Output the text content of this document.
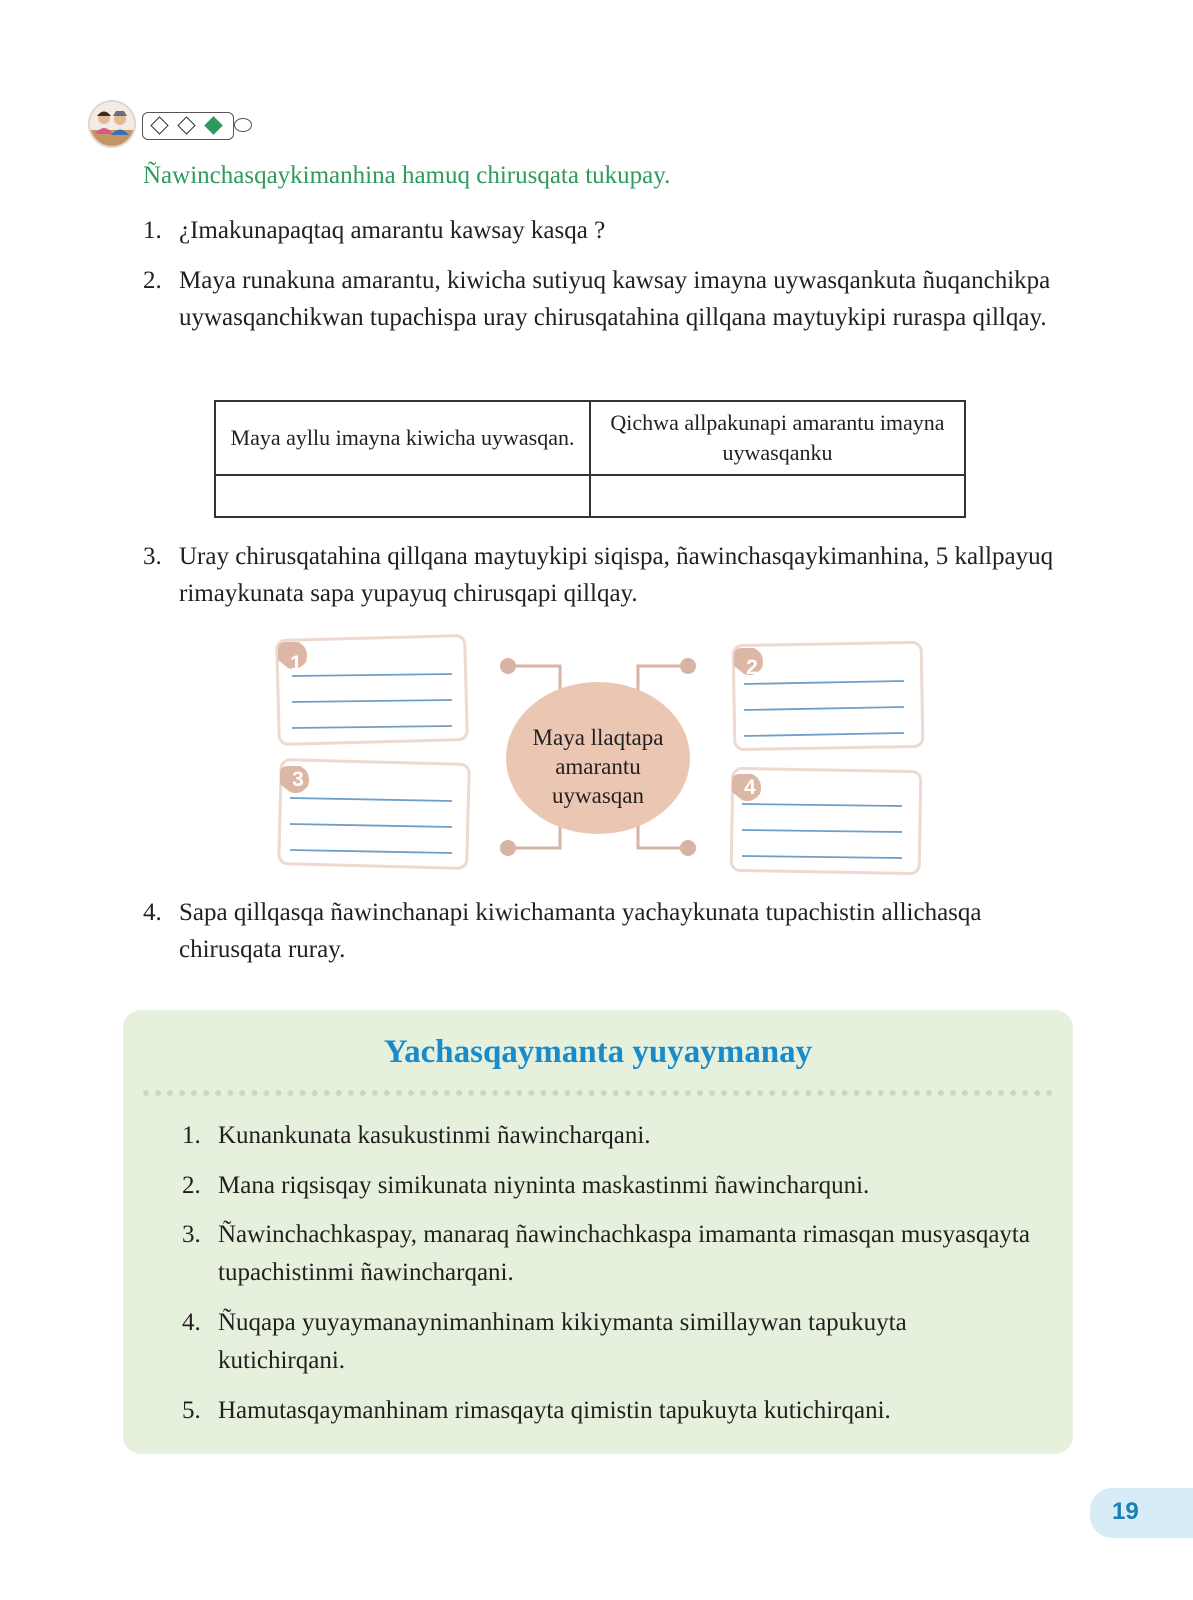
Ñawinchasqaykimanhina hamuq chirusqata tukupay.
1. ¿Imakunapaqtaq amarantu kawsay kasqa ?
2. Maya runakuna amarantu, kiwicha sutiyuq kawsay imayna uywasqankuta ñuqanchikpa uywasqanchikwan tupachispa uray chirusqatahina qillqana maytuykipi ruraspa qillqay.
Maya ayllu imayna kiwicha uywasqan.	Qichwa allpakunapi amarantu imayna uywasqanku

3. Uray chirusqatahina qillqana maytuykipi siqispa, ñawinchasqaykimanhina, 5 kallpayuq rimaykunata sapa yupayuq chirusqapi qillqay.
Maya llaqtapa
amarantu
uywasqan
1	2
3	4
4. Sapa qillqasqa ñawinchanapi kiwichamanta yachaykunata tupachistin allichasqa chirusqata ruray.
Yachasqaymanta yuyaymanay
1. Kunankunata kasukustinmi ñawincharqani.
2. Mana riqsisqay simikunata niyninta maskastinmi ñawincharquni.
3. Ñawinchachkaspay, manaraq ñawinchachkaspa imamanta rimasqan musyasqayta tupachistinmi ñawincharqani.
4. Ñuqapa yuyaymanaynimanhinam kikiymanta simillaywan tapukuyta kutichirqani.
5. Hamutasqaymanhinam rimasqayta qimistin tapukuyta kutichirqani.
19
